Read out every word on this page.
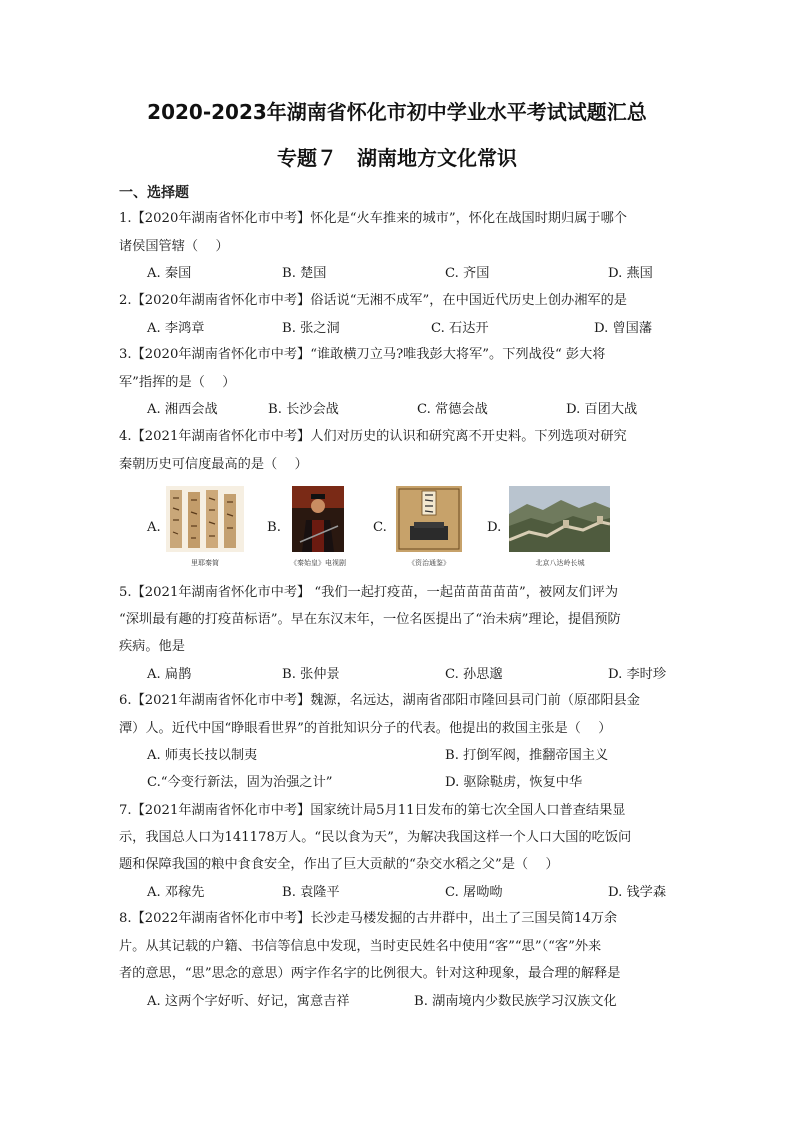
2020-2023年湖南省怀化市初中学业水平考试试题汇总
专题７　湖南地方文化常识
一、选择题
1.【2020年湖南省怀化市中考】怀化是“火车推来的城市”，怀化在战国时期归属于哪个
诸侯国管辖（　 ）
A. 秦国	B. 楚国	C. 齐国	D. 燕国
2.【2020年湖南省怀化市中考】俗话说“无湘不成军”，在中国近代历史上创办湘军的是
A. 李鸿章	B. 张之洞	C. 石达开	D. 曾国藩
3.【2020年湖南省怀化市中考】“谁敢横刀立马?唯我彭大将军”。下列战役“ 彭大将
军”指挥的是（　 ）
A. 湘西会战	B. 长沙会战	C. 常德会战	D. 百团大战
4.【2021年湖南省怀化市中考】人们对历史的认识和研究离不开史料。下列选项对研究
秦朝历史可信度最高的是（　 ）
A.
里耶秦简
B.
《秦始皇》电视剧
C.
《资治通鉴》
D.
北京八达岭长城
5.【2021年湖南省怀化市中考】 “我们一起打疫苗，一起苗苗苗苗苗”，被网友们评为
“深圳最有趣的打疫苗标语”。早在东汉末年，一位名医提出了“治未病”理论，提倡预防
疾病。他是
A. 扁鹊	B. 张仲景	C. 孙思邈	D. 李时珍
6.【2021年湖南省怀化市中考】魏源，名远达，湖南省邵阳市隆回县司门前（原邵阳县金
潭）人。近代中国“睁眼看世界”的首批知识分子的代表。他提出的救国主张是（　 ）
A. 师夷长技以制夷	B. 打倒军阀，推翻帝国主义
C.“今变行新法，固为治强之计”	D. 驱除鞑虏，恢复中华
7.【2021年湖南省怀化市中考】国家统计局5月11日发布的第七次全国人口普查结果显
示，我国总人口为141178万人。“民以食为天”，为解决我国这样一个人口大国的吃饭问
题和保障我国的粮中食食安全，作出了巨大贡献的“杂交水稻之父”是（　 ）
A. 邓稼先	B. 袁隆平	C. 屠呦呦	D. 钱学森
8.【2022年湖南省怀化市中考】长沙走马楼发掘的古井群中，出土了三国吴简14万余
片。从其记载的户籍、书信等信息中发现，当时吏民姓名中使用“客”“思”（“客”外来
者的意思，“思”思念的意思）两字作名字的比例很大。针对这种现象，最合理的解释是
A. 这两个字好听、好记，寓意吉祥	B. 湖南境内少数民族学习汉族文化
